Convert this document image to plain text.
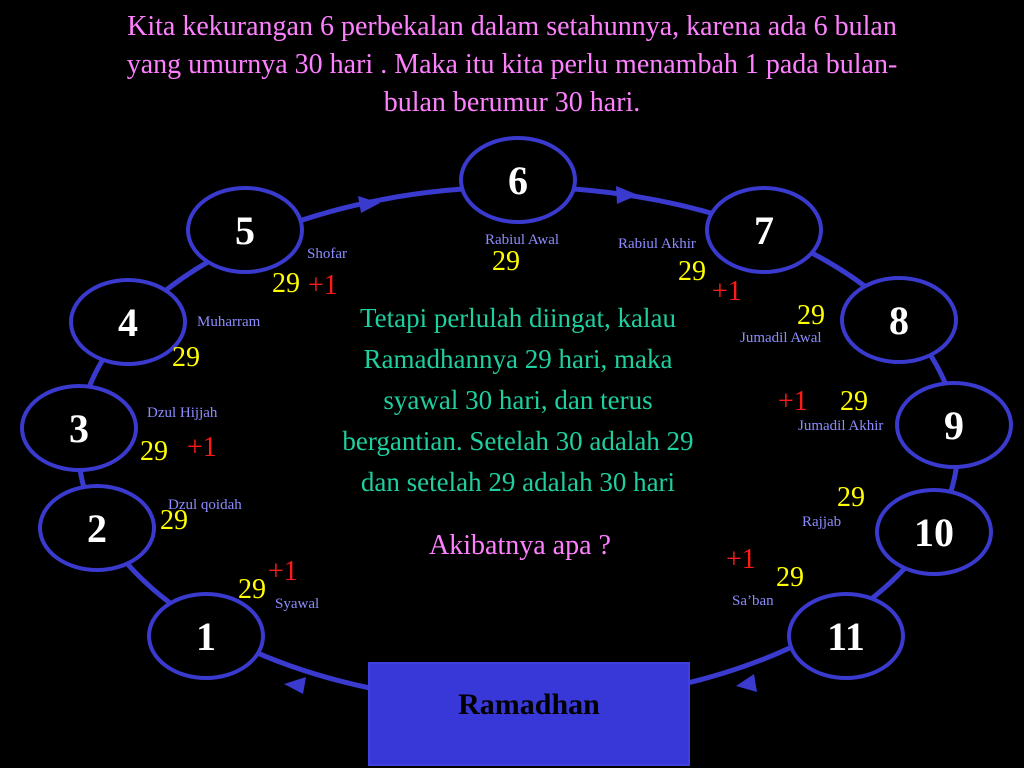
Kita kekurangan 6 perbekalan dalam setahunnya, karena ada 6 bulan
yang umurnya 30 hari . Maka itu kita perlu menambah 1 pada bulan-
bulan berumur 30 hari.
1
2
3
4
5
6
7
8
9
10
11
Syawal
Dzul qoidah
Dzul Hijjah
Muharram
Shofar
Rabiul Awal	Rabiul Akhir
Jumadil Awal
Jumadil Akhir
Rajjab
Sa’ban
29
29
29
29
29
29	29
29
29
29
29
+1
+1
+1	+1
+1
+1
Tetapi perlulah diingat, kalau
Ramadhannya 29 hari, maka
syawal 30 hari, dan terus
bergantian. Setelah 30 adalah 29
dan setelah 29 adalah 30 hari
Akibatnya apa ?
Ramadhan
